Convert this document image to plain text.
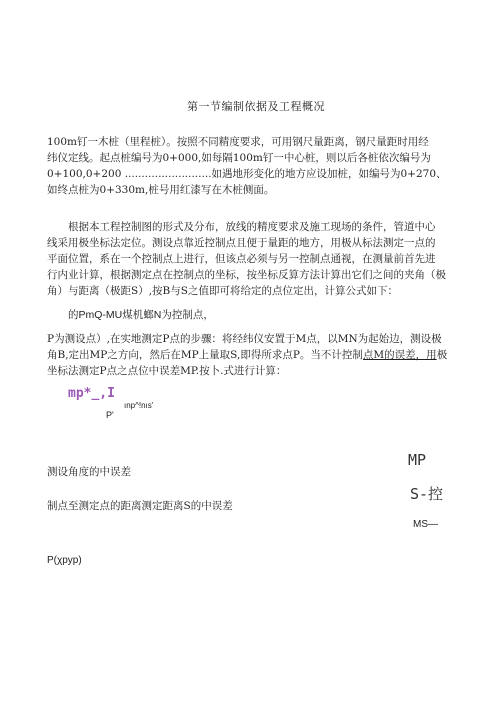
第一节编制依据及工程概况
100m钉一木桩（里程桩）。按照不同精度要求，可用钢尺量距离，钢尺量距时用经
纬仪定线。起点桩编号为0+000,如每隔100m钉一中心桩，则以后各桩依次编号为
0+100,0+200 ..........................如遇地形变化的地方应设加桩，如编号为0+270、
如终点桩为0+330m,桩号用红漆写在木桩侧面。
根据本工程控制图的形式及分布，放线的精度要求及施工现场的条件，管道中心
线采用极坐标法定位。测设点靠近控制点且便于量距的地方，用极从标法测定一点的
平面位置，系在一个控制点上进行，但该点必须与另一控制点通视，在测量前首先进
行内业计算，根据测定点在控制点的坐标，按坐标反算方法计算出它们之间的夹角（极
角）与距离（极距S）,按B与S之值即可将给定的点位定出，计算公式如下：
的PmQ-MU煤机螂N为控制点，
P为测设点）,在实地测定P点的步骤：将经纬仪安置于M点，以MN为起始边，测设极
角B,定出MP之方向，然后在MP上量取S,即得所求点P。当不计控制点M的误差，用极
坐标法测定P点之点位中误差MP.按卜.式进行计算：
mp*_,I
ınp^!nıs'
P'
MP
测设角度的中误差
S-控
制点至测定点的距离测定距离S的中误差
MS—
P(χpyp)
